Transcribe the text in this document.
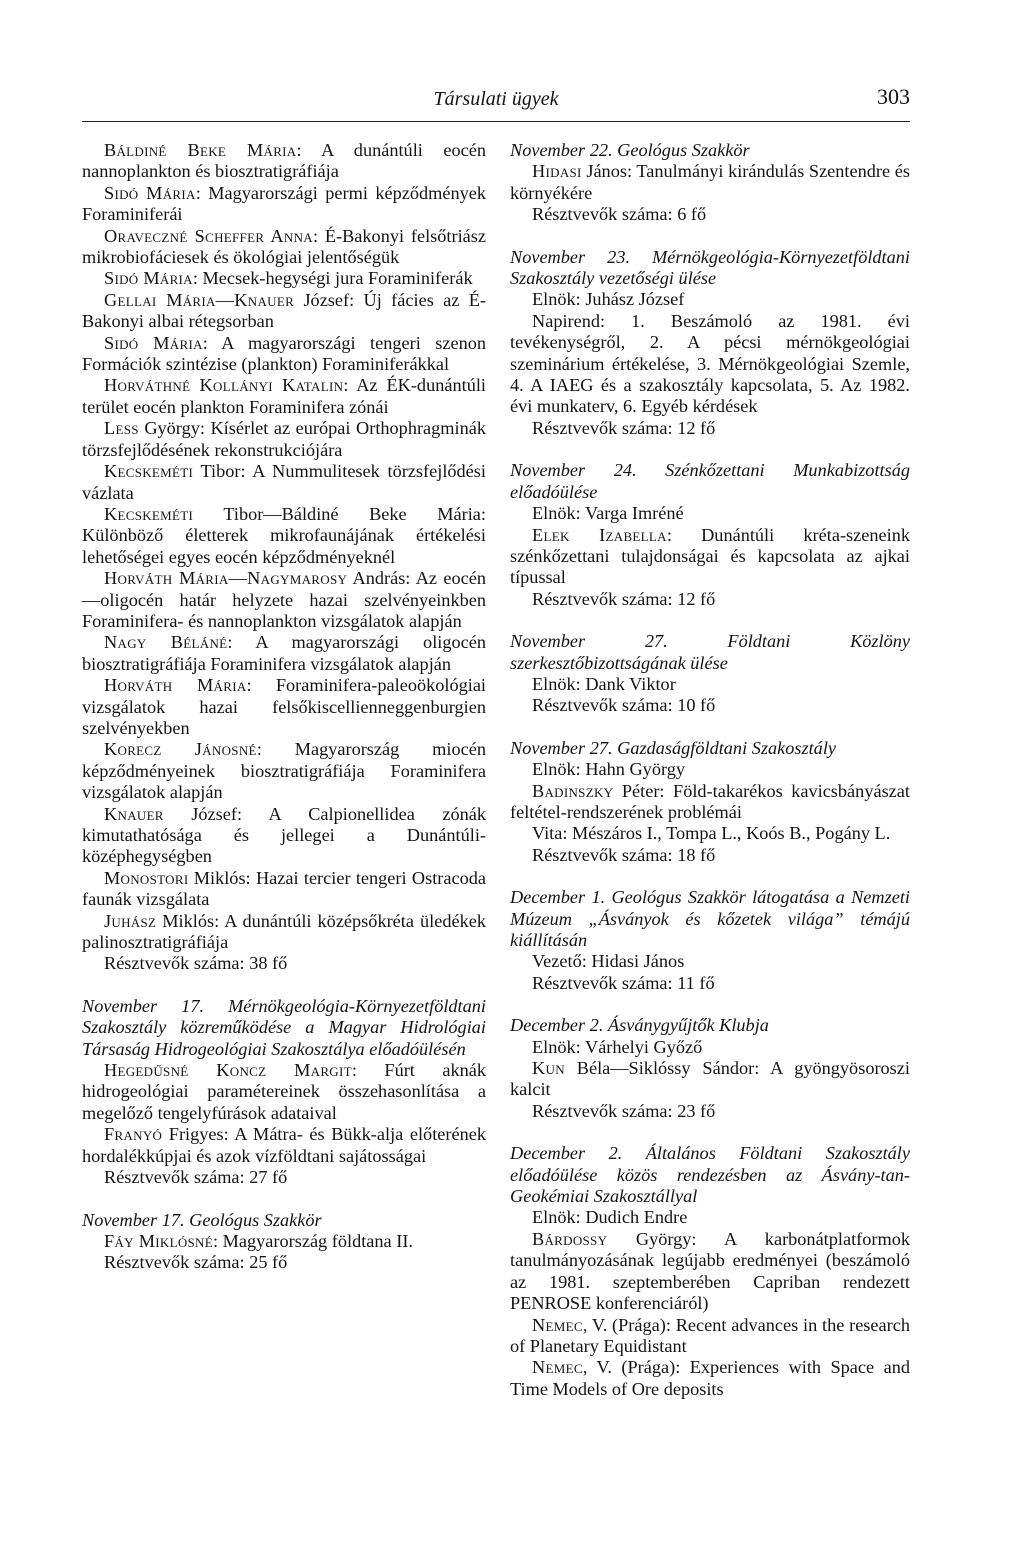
Társulati ügyek	303

Báldiné Beke Mária: A dunántúli eocén nannoplankton és biosztratigráfiája

Sidó Mária: Magyarországi permi képződmények Foraminiferái

Oraveczné Scheffer Anna: É-Bakonyi felsőtriász mikrobiofáciesek és ökológiai jelentőségük

Sidó Mária: Mecsek-hegységi jura Foraminiferák

Gellai Mária—Knauer József: Új fácies az É-Bakonyi albai rétegsorban

Sidó Mária: A magyarországi tengeri szenon Formációk szintézise (plankton) Foraminiferákkal

Horváthné Kollányi Katalin: Az ÉK-dunántúli terület eocén plankton Foraminifera zónái

Less György: Kísérlet az európai Orthophragminák törzsfejlődésének rekonstrukciójára

Kecskeméti Tibor: A Nummulitesek törzsfejlődési vázlata

Kecskeméti Tibor—Báldiné Beke Mária: Különböző életterek mikrofaunájának értékelési lehetőségei egyes eocén képződményeknél

Horváth Mária—Nagymarosy András: Az eocén—oligocén határ helyzete hazai szelvényeinkben Foraminifera- és nannoplankton vizsgálatok alapján

Nagy Béláné: A magyarországi oligocén biosztratigráfiája Foraminifera vizsgálatok alapján

Horváth Mária: Foraminifera-paleoökológiai vizsgálatok hazai felsőkiscellienneggenburgien szelvényekben

Korecz Jánosné: Magyarország miocén képződményeinek biosztratigráfiája Foraminifera vizsgálatok alapján

Knauer József: A Calpionellidea zónák kimutathatósága és jellegei a Dunántúli-középhegységben

Monostori Miklós: Hazai tercier tengeri Ostracoda faunák vizsgálata

Juhász Miklós: A dunántúli középsőkréta üledékek palinosztratigráfiája

Résztvevők száma: 38 fő

November 17. Mérnökgeológia-Környezetföldtani Szakosztály közreműködése a Magyar Hidrológiai Társaság Hidrogeológiai Szakosztálya előadóülésén

Hegedűsné Koncz Margit: Fúrt aknák hidrogeológiai paramétereinek összehasonlítása a megelőző tengelyfúrások adataival

Franyó Frigyes: A Mátra- és Bükk-alja előterének hordalékkúpjai és azok vízföldtani sajátosságai

Résztvevők száma: 27 fő

November 17. Geológus Szakkör

Fáy Miklósné: Magyarország földtana II.

Résztvevők száma: 25 fő

November 22. Geológus Szakkör

Hidasi János: Tanulmányi kirándulás Szentendre és környékére

Résztvevők száma: 6 fő

November 23. Mérnökgeológia-Környezetföldtani Szakosztály vezetőségi ülése

Elnök: Juhász József

Napirend: 1. Beszámoló az 1981. évi tevékenységről, 2. A pécsi mérnökgeológiai szeminárium értékelése, 3. Mérnökgeológiai Szemle, 4. A IAEG és a szakosztály kapcsolata, 5. Az 1982. évi munkaterv, 6. Egyéb kérdések

Résztvevők száma: 12 fő

November 24. Szénkőzettani Munkabizottság előadóülése

Elnök: Varga Imréné

Elek Izabella: Dunántúli kréta-szeneink szénkőzettani tulajdonságai és kapcsolata az ajkai típussal

Résztvevők száma: 12 fő

November 27. Földtani Közlöny szerkesztőbizottságának ülése

Elnök: Dank Viktor

Résztvevők száma: 10 fő

November 27. Gazdaságföldtani Szakosztály

Elnök: Hahn György

Badinszky Péter: Föld-takarékos kavicsbányászat feltétel-rendszerének problémái

Vita: Mészáros I., Tompa L., Koós B., Pogány L.

Résztvevők száma: 18 fő

December 1. Geológus Szakkör látogatása a Nemzeti Múzeum „Ásványok és kőzetek világa” témájú kiállításán

Vezető: Hidasi János

Résztvevők száma: 11 fő

December 2. Ásványgyűjtők Klubja

Elnök: Várhelyi Győző

Kun Béla—Siklóssy Sándor: A gyöngyösoroszi kalcit

Résztvevők száma: 23 fő

December 2. Általános Földtani Szakosztály előadóülése közös rendezésben az Ásvány-tan-Geokémiai Szakosztállyal

Elnök: Dudich Endre

Bárdossy György: A karbonátplatformok tanulmányozásának legújabb eredményei (beszámoló az 1981. szeptemberében Capriban rendezett PENROSE konferenciáról)

Nemec, V. (Prága): Recent advances in the research of Planetary Equidistant

Nemec, V. (Prága): Experiences with Space and Time Models of Ore deposits
